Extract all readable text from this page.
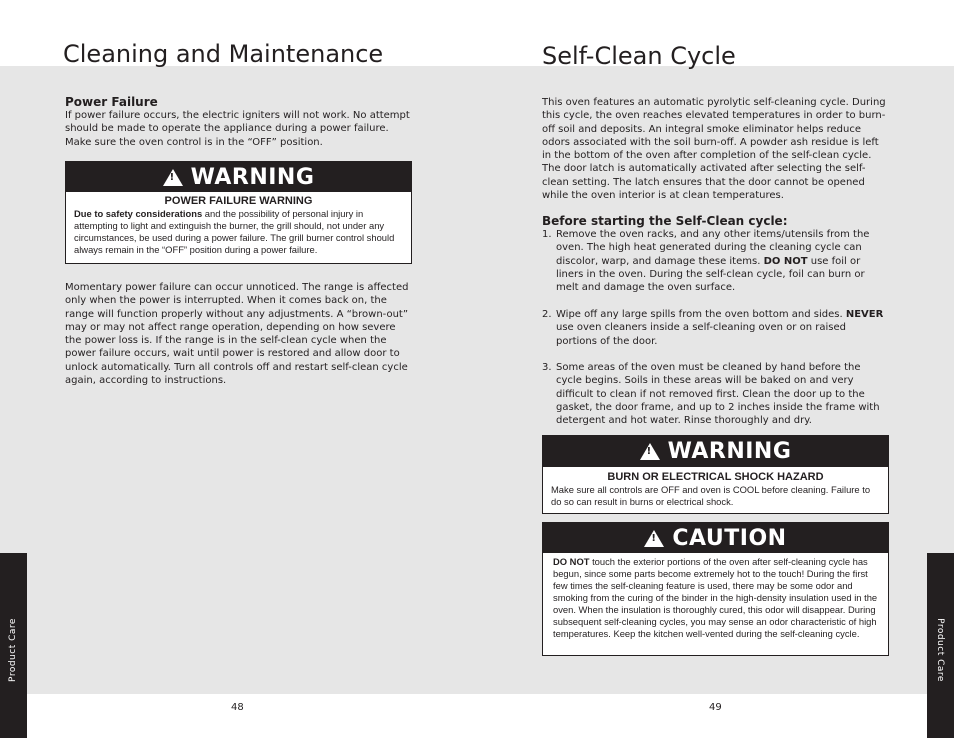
Product Care	Product Care
Cleaning and Maintenance
Power Failure

If power failure occurs, the electric igniters will not work. No attempt should be made to operate the appliance during a power failure. Make sure the oven control is in the “OFF” position.

! WARNING
POWER FAILURE WARNING
Due to safety considerations and the possibility of personal injury in attempting to light and extinguish the burner, the grill should, not under any circumstances, be used during a power failure. The grill burner control should always remain in the “OFF” position during a power failure.

Momentary power failure can occur unnoticed. The range is affected only when the power is interrupted. When it comes back on, the range will function properly without any adjustments. A “brown-out” may or may not affect range operation, depending on how severe the power loss is. If the range is in the self-clean cycle when the power failure occurs, wait until power is restored and allow door to unlock automatically. Turn all controls off and restart self-clean cycle again, according to instructions.

48
Self-Clean Cycle

This oven features an automatic pyrolytic self-cleaning cycle. During this cycle, the oven reaches elevated temperatures in order to burn-off soil and deposits. An integral smoke eliminator helps reduce odors associated with the soil burn-off. A powder ash residue is left in the bottom of the oven after completion of the self-clean cycle. The door latch is automatically activated after selecting the self-clean setting. The latch ensures that the door cannot be opened while the oven interior is at clean temperatures.

Before starting the Self-Clean cycle:
1. Remove the oven racks, and any other items/utensils from the oven. The high heat generated during the cleaning cycle can discolor, warp, and damage these items. DO NOT use foil or liners in the oven. During the self-clean cycle, foil can burn or melt and damage the oven surface.
2. Wipe off any large spills from the oven bottom and sides. NEVER use oven cleaners inside a self-cleaning oven or on raised portions of the door.
3. Some areas of the oven must be cleaned by hand before the cycle begins. Soils in these areas will be baked on and very difficult to clean if not removed first. Clean the door up to the gasket, the door frame, and up to 2 inches inside the frame with detergent and hot water. Rinse thoroughly and dry.
! WARNING
BURN OR ELECTRICAL SHOCK HAZARD
Make sure all controls are OFF and oven is COOL before cleaning. Failure to do so can result in burns or electrical shock.
! CAUTION
DO NOT touch the exterior portions of the oven after self-cleaning cycle has begun, since some parts become extremely hot to the touch! During the first few times the self-cleaning feature is used, there may be some odor and smoking from the curing of the binder in the high-density insulation used in the oven. When the insulation is thoroughly cured, this odor will disappear. During subsequent self-cleaning cycles, you may sense an odor characteristic of high temperatures. Keep the kitchen well-vented during the self-cleaning cycle.
49
